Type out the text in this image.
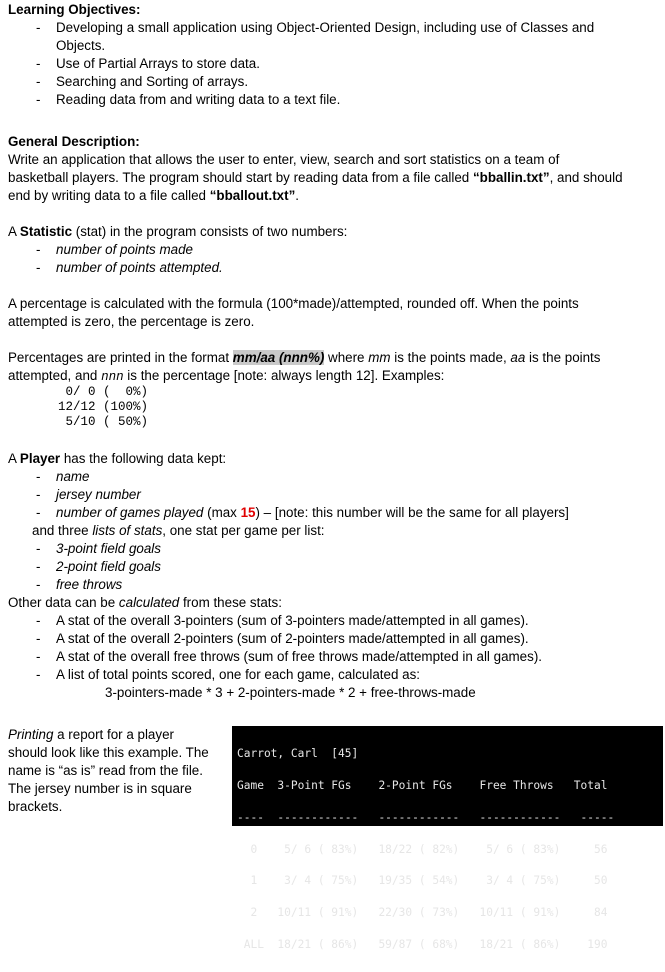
Learning Objectives:
- Developing a small application using Object-Oriented Design, including use of Classes and
Objects.
- Use of Partial Arrays to store data.
- Searching and Sorting of arrays.
- Reading data from and writing data to a text file.
General Description:
Write an application that allows the user to enter, view, search and sort statistics on a team of
basketball players. The program should start by reading data from a file called “bballin.txt”, and should
end by writing data to a file called “bballout.txt”.
A Statistic (stat) in the program consists of two numbers:
- number of points made
- number of points attempted.
A percentage is calculated with the formula (100*made)/attempted, rounded off. When the points
attempted is zero, the percentage is zero.
Percentages are printed in the format mm/aa (nnn%) where mm is the points made, aa is the points
attempted, and nnn is the percentage [note: always length 12]. Examples:
0/ 0 (  0%)
12/12 (100%)
5/10 ( 50%)
A Player has the following data kept:
- name
- jersey number
- number of games played (max 15) – [note: this number will be the same for all players]
and three lists of stats, one stat per game per list:
- 3-point field goals
- 2-point field goals
- free throws
Other data can be calculated from these stats:
- A stat of the overall 3-pointers (sum of 3-pointers made/attempted in all games).
- A stat of the overall 2-pointers (sum of 2-pointers made/attempted in all games).
- A stat of the overall free throws (sum of free throws made/attempted in all games).
- A list of total points scored, one for each game, calculated as:
3-pointers-made * 3 + 2-pointers-made * 2 + free-throws-made
Printing a report for a player
should look like this example. The
name is “as is” read from the file.
The jersey number is in square
brackets.

Carrot, Carl  [45]

Game  3-Point FGs    2-Point FGs    Free Throws   Total

----  ------------   ------------   ------------   -----

0    5/ 6 ( 83%)   18/22 ( 82%)    5/ 6 ( 83%)     56

1    3/ 4 ( 75%)   19/35 ( 54%)    3/ 4 ( 75%)     50

2   10/11 ( 91%)   22/30 ( 73%)   10/11 ( 91%)     84

ALL  18/21 ( 86%)   59/87 ( 68%)   18/21 ( 86%)    190
